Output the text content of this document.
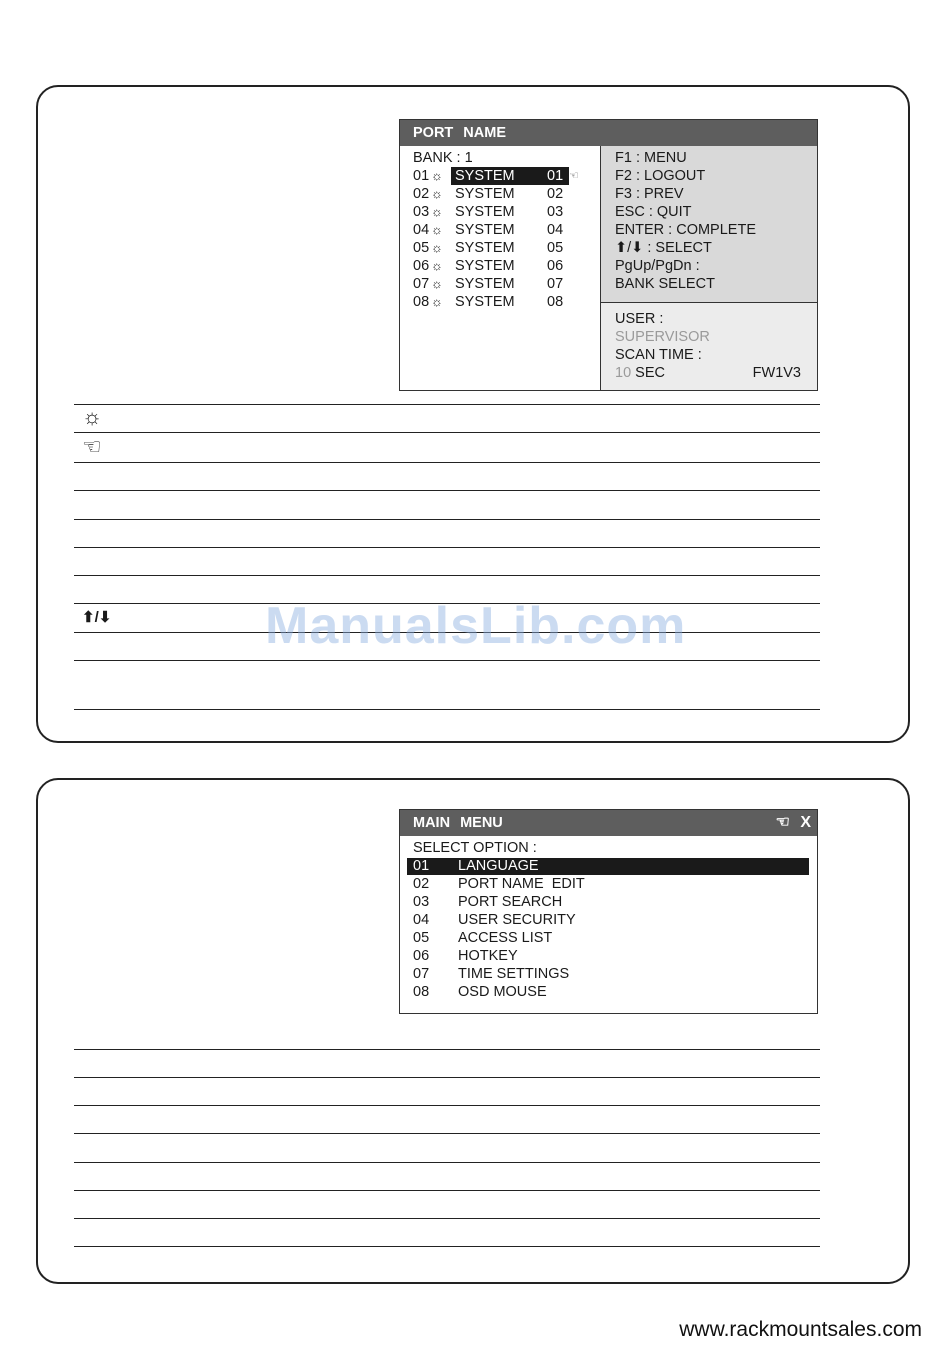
PORT NAME
BANK : 1
01 ☼ SYSTEM	01 ☜
02 ☼ SYSTEM	02
03 ☼ SYSTEM	03
04 ☼ SYSTEM	04
05 ☼ SYSTEM	05
06 ☼ SYSTEM	06
07 ☼ SYSTEM	07
08 ☼ SYSTEM	08
F1 : MENU
F2 : LOGOUT
F3 : PREV
ESC : QUIT
ENTER : COMPLETE
⬆/⬇ : SELECT
PgUp/PgDn :
BANK SELECT
USER :
SUPERVISOR
SCAN TIME :
10 SEC	FW1V3
☼
☜
⬆/⬇
MAIN MENU	☜ X
SELECT OPTION :
01 LANGUAGE
02 PORT NAME  EDIT
03 PORT SEARCH
04 USER SECURITY
05 ACCESS LIST
06 HOTKEY
07 TIME SETTINGS
08 OSD MOUSE
ManualsLib.com
www.rackmountsales.com
